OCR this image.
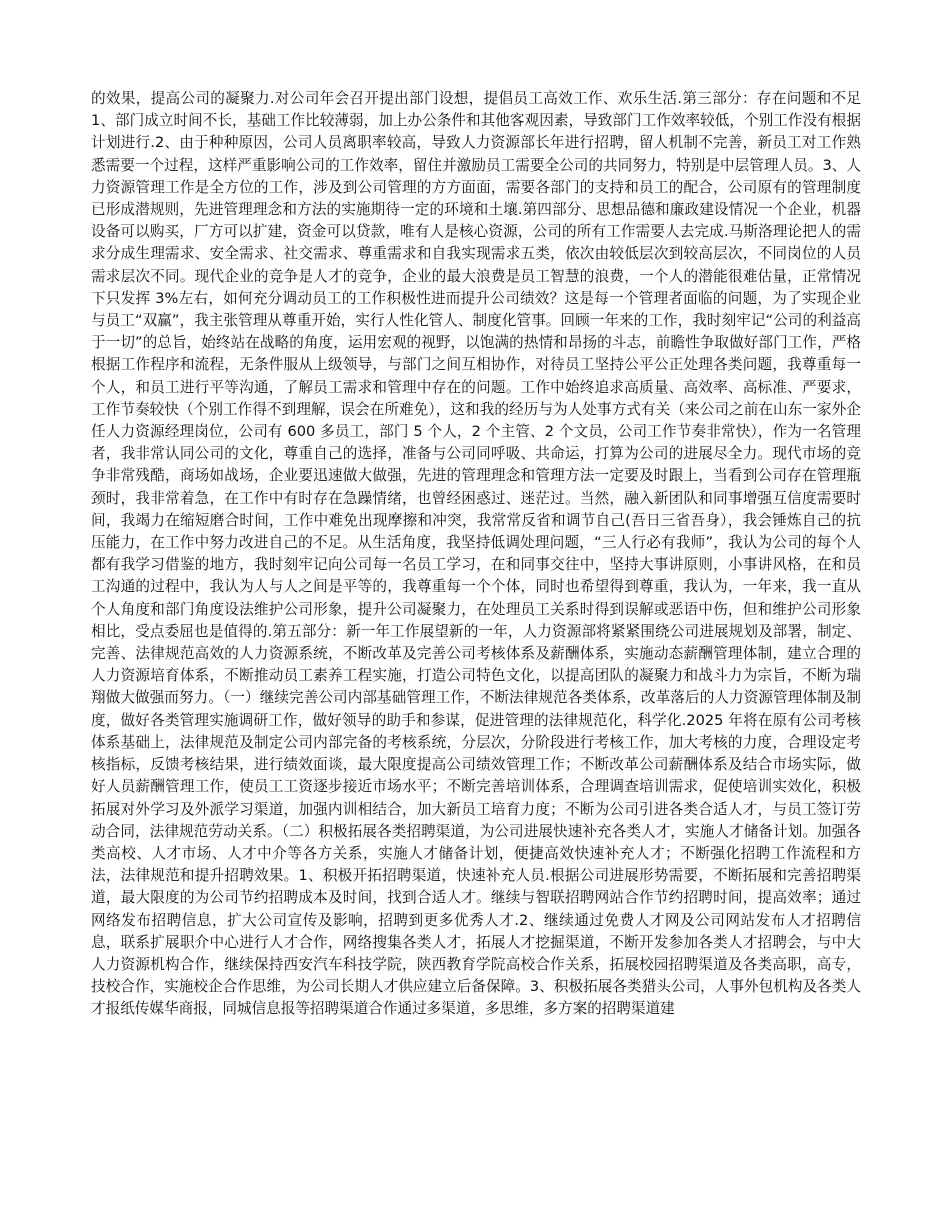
的效果，提高公司的凝聚力.对公司年会召开提出部门设想，提倡员工高效工作、欢乐生活.第三部分：存在问题和不足 1、部门成立时间不长，基础工作比较薄弱，加上办公条件和其他客观因素，导致部门工作效率较低，个别工作没有根据计划进行.2、由于种种原因，公司人员离职率较高，导致人力资源部长年进行招聘，留人机制不完善，新员工对工作熟悉需要一个过程，这样严重影响公司的工作效率，留住并激励员工需要全公司的共同努力，特别是中层管理人员。3、人力资源管理工作是全方位的工作，涉及到公司管理的方方面面，需要各部门的支持和员工的配合，公司原有的管理制度已形成潜规则，先进管理理念和方法的实施期待一定的环境和土壤.第四部分、思想品德和廉政建设情况一个企业，机器设备可以购买，厂方可以扩建，资金可以贷款，唯有人是核心资源，公司的所有工作需要人去完成.马斯洛理论把人的需求分成生理需求、安全需求、社交需求、尊重需求和自我实现需求五类，依次由较低层次到较高层次，不同岗位的人员需求层次不同。现代企业的竞争是人才的竞争，企业的最大浪费是员工智慧的浪费，一个人的潜能很难估量，正常情况下只发挥 3%左右，如何充分调动员工的工作积极性进而提升公司绩效？这是每一个管理者面临的问题，为了实现企业与员工“双赢”，我主张管理从尊重开始，实行人性化管人、制度化管事。回顾一年来的工作，我时刻牢记“公司的利益高于一切”的总旨，始终站在战略的角度，运用宏观的视野，以饱满的热情和昂扬的斗志，前瞻性争取做好部门工作，严格根据工作程序和流程，无条件服从上级领导，与部门之间互相协作，对待员工坚持公平公正处理各类问题，我尊重每一个人，和员工进行平等沟通，了解员工需求和管理中存在的问题。工作中始终追求高质量、高效率、高标准、严要求，工作节奏较快（个别工作得不到理解，误会在所难免），这和我的经历与为人处事方式有关（来公司之前在山东一家外企任人力资源经理岗位，公司有 600 多员工，部门 5 个人，2 个主管、2 个文员，公司工作节奏非常快），作为一名管理者，我非常认同公司的文化，尊重自己的选择，准备与公司同呼吸、共命运，打算为公司的进展尽全力。现代市场的竞争非常残酷，商场如战场，企业要迅速做大做强，先进的管理理念和管理方法一定要及时跟上，当看到公司存在管理瓶颈时，我非常着急，在工作中有时存在急躁情绪，也曾经困惑过、迷茫过。当然，融入新团队和同事增强互信度需要时间，我竭力在缩短磨合时间，工作中难免出现摩擦和冲突，我常常反省和调节自己(吾日三省吾身），我会锤炼自己的抗压能力，在工作中努力改进自己的不足。从生活角度，我坚持低调处理问题，“三人行必有我师”，我认为公司的每个人都有我学习借鉴的地方，我时刻牢记向公司每一名员工学习，在和同事交往中，坚持大事讲原则，小事讲风格，在和员工沟通的过程中，我认为人与人之间是平等的，我尊重每一个个体，同时也希望得到尊重，我认为，一年来，我一直从个人角度和部门角度设法维护公司形象，提升公司凝聚力，在处理员工关系时得到误解或恶语中伤，但和维护公司形象相比，受点委屈也是值得的.第五部分：新一年工作展望新的一年，人力资源部将紧紧围绕公司进展规划及部署，制定、完善、法律规范高效的人力资源系统，不断改革及完善公司考核体系及薪酬体系，实施动态薪酬管理体制，建立合理的人力资源培育体系，不断推动员工素养工程实施，打造公司特色文化，以提高团队的凝聚力和战斗力为宗旨，不断为瑞翔做大做强而努力。（一）继续完善公司内部基础管理工作，不断法律规范各类体系，改革落后的人力资源管理体制及制度，做好各类管理实施调研工作，做好领导的助手和参谋，促进管理的法律规范化，科学化.2025 年将在原有公司考核体系基础上，法律规范及制定公司内部完备的考核系统，分层次，分阶段进行考核工作，加大考核的力度，合理设定考核指标，反馈考核结果，进行绩效面谈，最大限度提高公司绩效管理工作；不断改革公司薪酬体系及结合市场实际，做好人员薪酬管理工作，使员工工资逐步接近市场水平；不断完善培训体系，合理调查培训需求，促使培训实效化，积极拓展对外学习及外派学习渠道，加强内训相结合，加大新员工培育力度；不断为公司引进各类合适人才，与员工签订劳动合同，法律规范劳动关系。（二）积极拓展各类招聘渠道，为公司进展快速补充各类人才，实施人才储备计划。加强各类高校、人才市场、人才中介等各方关系，实施人才储备计划，便捷高效快速补充人才；不断强化招聘工作流程和方法，法律规范和提升招聘效果。1、积极开拓招聘渠道，快速补充人员.根据公司进展形势需要，不断拓展和完善招聘渠道，最大限度的为公司节约招聘成本及时间，找到合适人才。继续与智联招聘网站合作节约招聘时间，提高效率；通过网络发布招聘信息，扩大公司宣传及影响，招聘到更多优秀人才.2、继续通过免费人才网及公司网站发布人才招聘信息，联系扩展职介中心进行人才合作，网络搜集各类人才，拓展人才挖掘渠道，不断开发参加各类人才招聘会，与中大人力资源机构合作，继续保持西安汽车科技学院，陕西教育学院高校合作关系，拓展校园招聘渠道及各类高职，高专，技校合作，实施校企合作思维，为公司长期人才供应建立后备保障。3、积极拓展各类猎头公司，人事外包机构及各类人才报纸传媒华商报，同城信息报等招聘渠道合作通过多渠道，多思维，多方案的招聘渠道建
